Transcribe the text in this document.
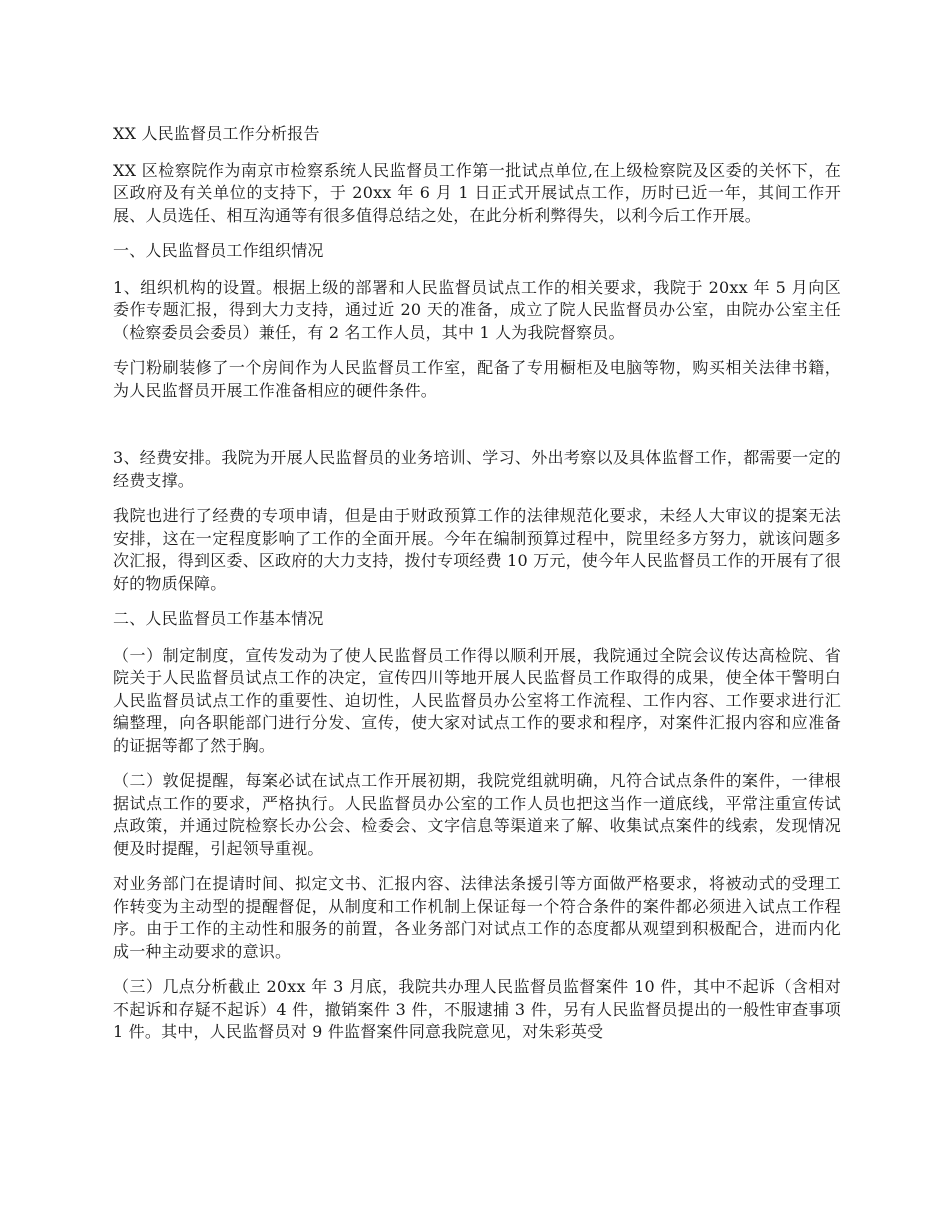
XX 人民监督员工作分析报告

XX 区检察院作为南京市检察系统人民监督员工作第一批试点单位,在上级检察院及区委的关怀下，在区政府及有关单位的支持下，于 20xx 年 6 月 1 日正式开展试点工作，历时已近一年，其间工作开展、人员选任、相互沟通等有很多值得总结之处，在此分析利弊得失，以利今后工作开展。

一、人民监督员工作组织情况

1、组织机构的设置。根据上级的部署和人民监督员试点工作的相关要求，我院于 20xx 年 5 月向区委作专题汇报，得到大力支持，通过近 20 天的准备，成立了院人民监督员办公室，由院办公室主任（检察委员会委员）兼任，有 2 名工作人员，其中 1 人为我院督察员。

专门粉刷装修了一个房间作为人民监督员工作室，配备了专用橱柜及电脑等物，购买相关法律书籍，为人民监督员开展工作准备相应的硬件条件。

3、经费安排。我院为开展人民监督员的业务培训、学习、外出考察以及具体监督工作，都需要一定的经费支撑。

我院也进行了经费的专项申请，但是由于财政预算工作的法律规范化要求，未经人大审议的提案无法安排，这在一定程度影响了工作的全面开展。今年在编制预算过程中，院里经多方努力，就该问题多次汇报，得到区委、区政府的大力支持，拨付专项经费 10 万元，使今年人民监督员工作的开展有了很好的物质保障。

二、人民监督员工作基本情况

（一）制定制度，宣传发动为了使人民监督员工作得以顺利开展，我院通过全院会议传达高检院、省院关于人民监督员试点工作的决定，宣传四川等地开展人民监督员工作取得的成果，使全体干警明白人民监督员试点工作的重要性、迫切性，人民监督员办公室将工作流程、工作内容、工作要求进行汇编整理，向各职能部门进行分发、宣传，使大家对试点工作的要求和程序，对案件汇报内容和应准备的证据等都了然于胸。

（二）敦促提醒，每案必试在试点工作开展初期，我院党组就明确，凡符合试点条件的案件，一律根据试点工作的要求，严格执行。人民监督员办公室的工作人员也把这当作一道底线，平常注重宣传试点政策，并通过院检察长办公会、检委会、文字信息等渠道来了解、收集试点案件的线索，发现情况便及时提醒，引起领导重视。

对业务部门在提请时间、拟定文书、汇报内容、法律法条援引等方面做严格要求，将被动式的受理工作转变为主动型的提醒督促，从制度和工作机制上保证每一个符合条件的案件都必须进入试点工作程序。由于工作的主动性和服务的前置，各业务部门对试点工作的态度都从观望到积极配合，进而内化成一种主动要求的意识。

（三）几点分析截止 20xx 年 3 月底，我院共办理人民监督员监督案件 10 件，其中不起诉（含相对不起诉和存疑不起诉）4 件，撤销案件 3 件，不服逮捕 3 件，另有人民监督员提出的一般性审查事项 1 件。其中，人民监督员对 9 件监督案件同意我院意见，对朱彩英受
